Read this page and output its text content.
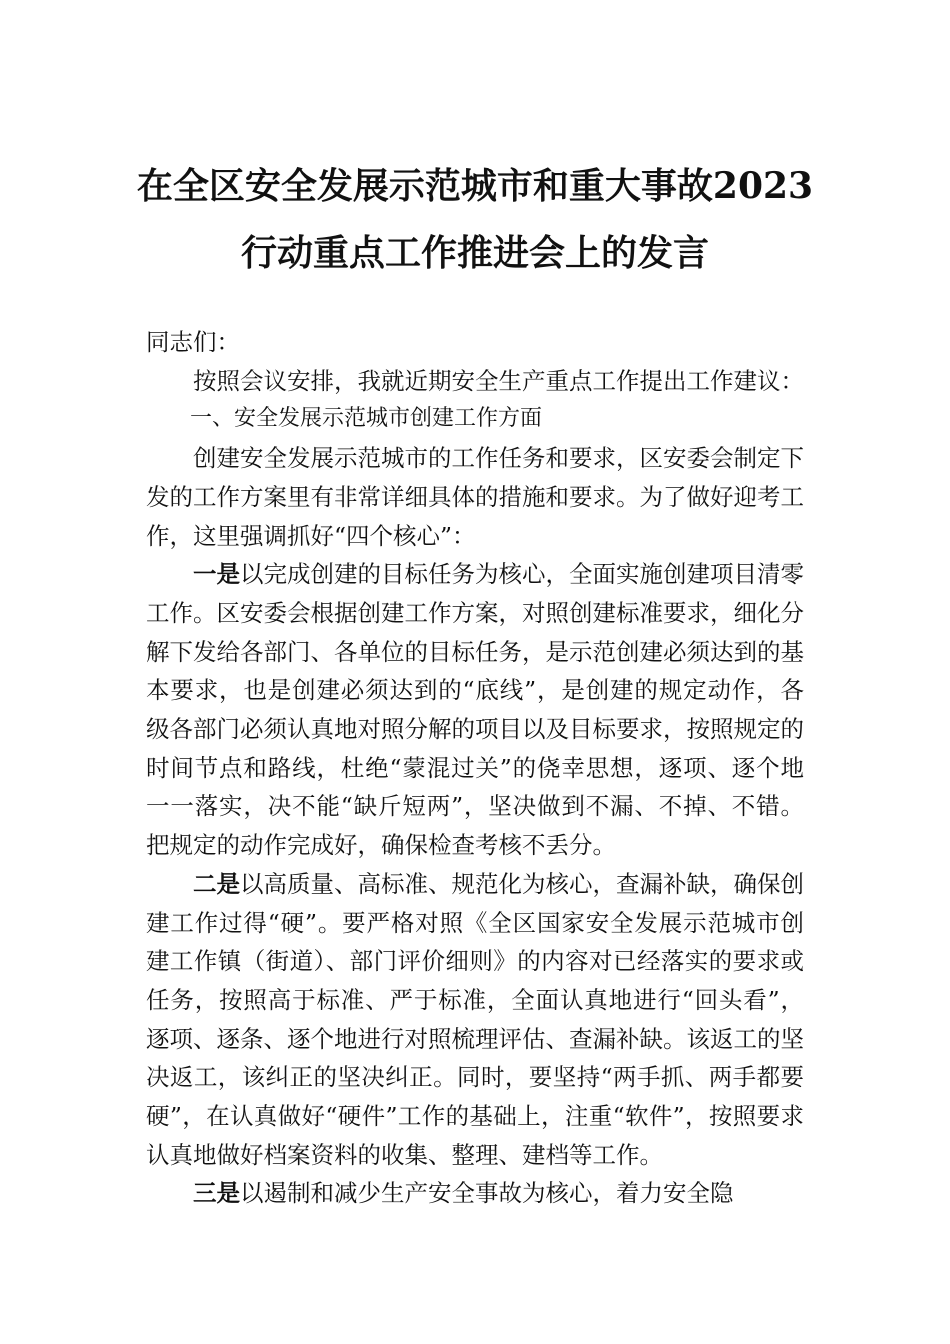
在全区安全发展示范城市和重大事故2023
行动重点工作推进会上的发言

同志们：

按照会议安排，我就近期安全生产重点工作提出工作建议：

一、安全发展示范城市创建工作方面

创建安全发展示范城市的工作任务和要求，区安委会制定下发的工作方案里有非常详细具体的措施和要求。为了做好迎考工作，这里强调抓好“四个核心”：

一是以完成创建的目标任务为核心，全面实施创建项目清零工作。区安委会根据创建工作方案，对照创建标准要求，细化分解下发给各部门、各单位的目标任务，是示范创建必须达到的基本要求，也是创建必须达到的“底线”，是创建的规定动作，各级各部门必须认真地对照分解的项目以及目标要求，按照规定的时间节点和路线，杜绝“蒙混过关”的侥幸思想，逐项、逐个地一一落实，决不能“缺斤短两”，坚决做到不漏、不掉、不错。把规定的动作完成好，确保检查考核不丢分。

二是以高质量、高标准、规范化为核心，查漏补缺，确保创建工作过得“硬”。要严格对照《全区国家安全发展示范城市创建工作镇（街道）、部门评价细则》的内容对已经落实的要求或任务，按照高于标准、严于标准，全面认真地进行“回头看”，逐项、逐条、逐个地进行对照梳理评估、查漏补缺。该返工的坚决返工，该纠正的坚决纠正。同时，要坚持“两手抓、两手都要硬”，在认真做好“硬件”工作的基础上，注重“软件”，按照要求认真地做好档案资料的收集、整理、建档等工作。

三是以遏制和减少生产安全事故为核心，着力安全隐
